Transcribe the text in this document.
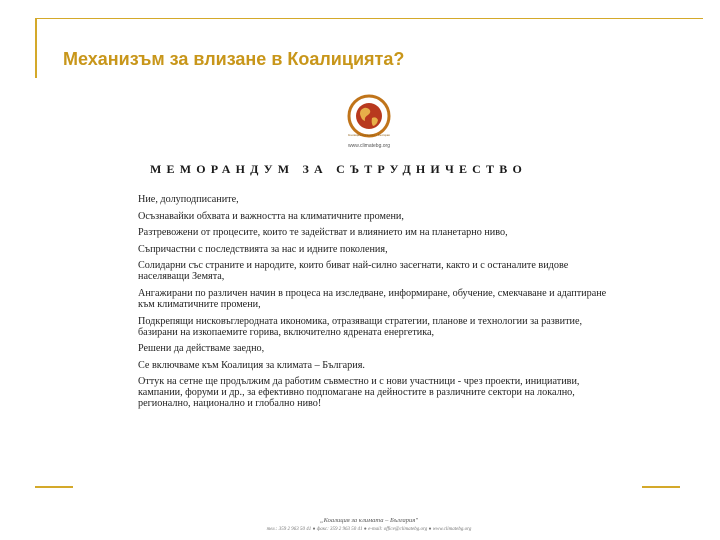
Механизъм за влизане в Коалицията?
Коалиция за климата – България
www.climatebg.org
МЕМОРАНДУМ ЗА СЪТРУДНИЧЕСТВО

Ние, долуподписаните,

Осъзнавайки обхвата и важността на климатичните промени,

Разтревожени от процесите, които те задействат и влиянието им на планетарно ниво,

Съпричастни с последствията за нас и идните поколения,

Солидарни със страните и народите, които биват най-силно засегнати, както и с останалите видове населяващи Земята,

Ангажирани по различен начин в процеса на изследване, информиране, обучение, смекчаване и адаптиране към климатичните промени,

Подкрепящи нисковъглеродната икономика, отразяващи стратегии, планове и технологии за развитие, базирани на изкопаемите горива, включително ядрената енергетика,

Решени да действаме заедно,

Се включваме към Коалиция за климата – България.

Оттук на сетне ще продължим да работим съвместно и с нови участници - чрез проекти, инициативи, кампании, форуми и др., за ефективно подпомагане на дейностите в различните сектори на локално, регионално, национално и глобално ниво!

„Коалиция за климата – България"
тел.: 359 2 963 50 41 ● факс: 359 2 963 50 41 ● e-mail: office@climatebg.org ● www.climatebg.org
